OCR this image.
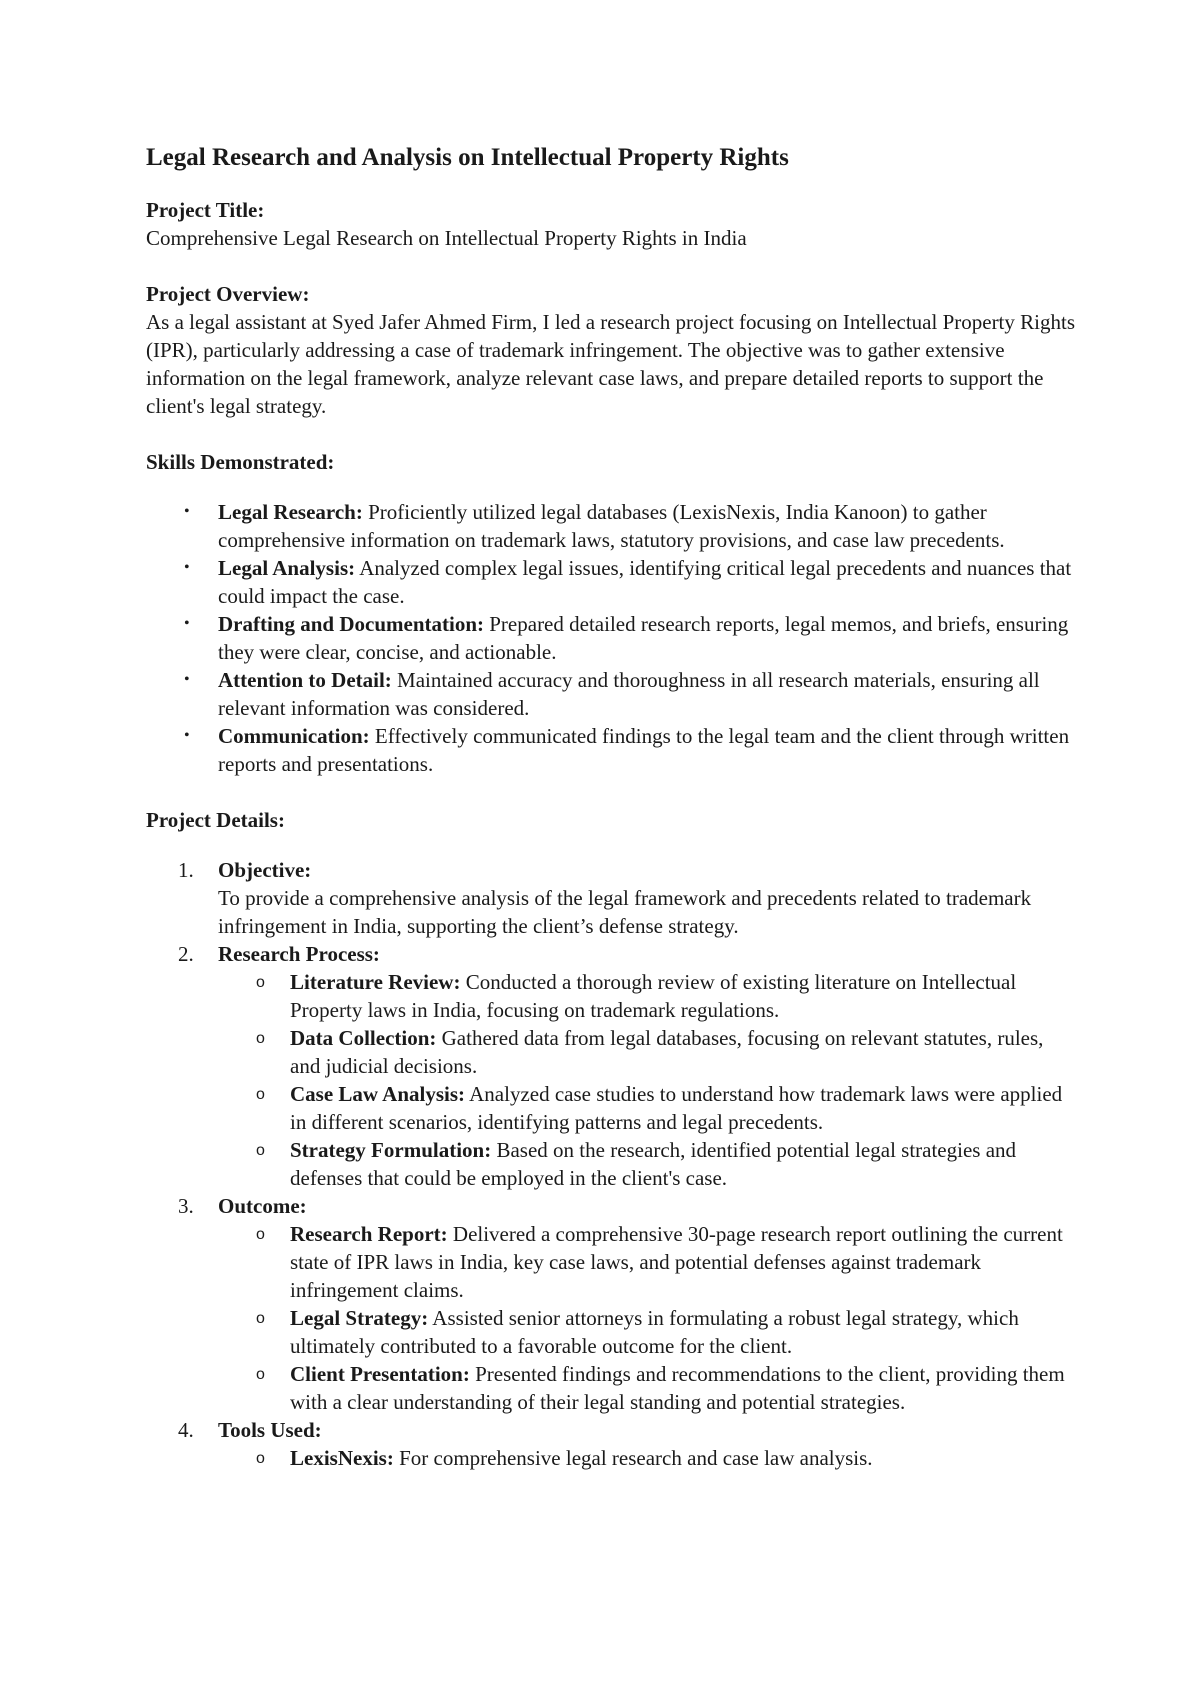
Legal Research and Analysis on Intellectual Property Rights

Project Title:

Comprehensive Legal Research on Intellectual Property Rights in India

Project Overview:

As a legal assistant at Syed Jafer Ahmed Firm, I led a research project focusing on Intellectual Property Rights (IPR), particularly addressing a case of trademark infringement. The objective was to gather extensive information on the legal framework, analyze relevant case laws, and prepare detailed reports to support the client's legal strategy.

Skills Demonstrated:

• Legal Research: Proficiently utilized legal databases (LexisNexis, India Kanoon) to gather comprehensive information on trademark laws, statutory provisions, and case law precedents.
• Legal Analysis: Analyzed complex legal issues, identifying critical legal precedents and nuances that could impact the case.
• Drafting and Documentation: Prepared detailed research reports, legal memos, and briefs, ensuring they were clear, concise, and actionable.
• Attention to Detail: Maintained accuracy and thoroughness in all research materials, ensuring all relevant information was considered.
• Communication: Effectively communicated findings to the legal team and the client through written reports and presentations.

Project Details:

1. Objective:

To provide a comprehensive analysis of the legal framework and precedents related to trademark infringement in India, supporting the client’s defense strategy.

2. Research Process:

o Literature Review: Conducted a thorough review of existing literature on Intellectual Property laws in India, focusing on trademark regulations.
o Data Collection: Gathered data from legal databases, focusing on relevant statutes, rules, and judicial decisions.
o Case Law Analysis: Analyzed case studies to understand how trademark laws were applied in different scenarios, identifying patterns and legal precedents.
o Strategy Formulation: Based on the research, identified potential legal strategies and defenses that could be employed in the client's case.
3. Outcome:

o Research Report: Delivered a comprehensive 30-page research report outlining the current state of IPR laws in India, key case laws, and potential defenses against trademark infringement claims.
o Legal Strategy: Assisted senior attorneys in formulating a robust legal strategy, which ultimately contributed to a favorable outcome for the client.
o Client Presentation: Presented findings and recommendations to the client, providing them with a clear understanding of their legal standing and potential strategies.
4. Tools Used:

o LexisNexis: For comprehensive legal research and case law analysis.
